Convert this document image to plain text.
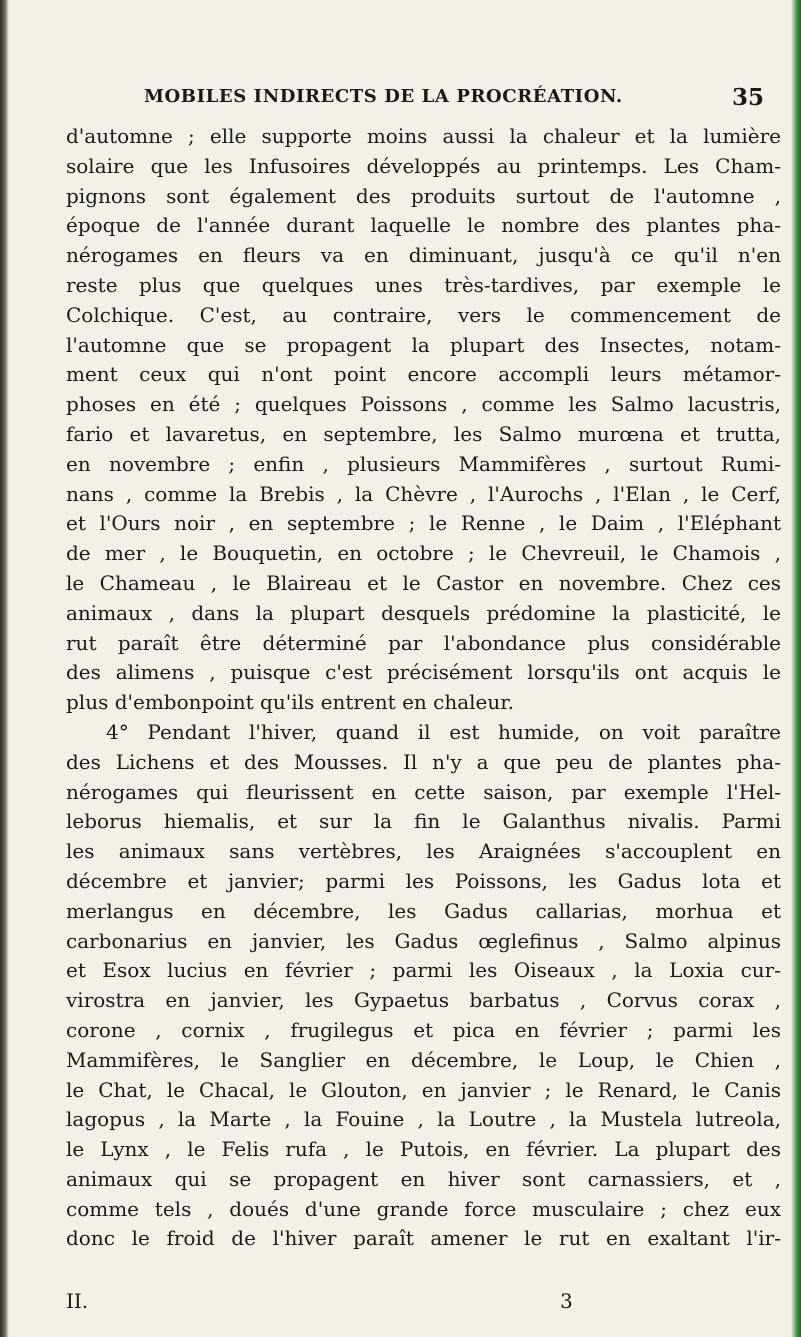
MOBILES INDIRECTS DE LA PROCRÉATION.	35
d'automne ; elle supporte moins aussi la chaleur et la lumière
solaire que les Infusoires développés au printemps. Les Cham-
pignons sont également des produits surtout de l'automne ,
époque de l'année durant laquelle le nombre des plantes pha-
nérogames en fleurs va en diminuant, jusqu'à ce qu'il n'en
reste plus que quelques unes très-tardives, par exemple le
Colchique. C'est, au contraire, vers le commencement de
l'automne que se propagent la plupart des Insectes, notam-
ment ceux qui n'ont point encore accompli leurs métamor-
phoses en été ; quelques Poissons , comme les Salmo lacustris,
fario et lavaretus, en septembre, les Salmo murœna et trutta,
en novembre ; enfin , plusieurs Mammifères , surtout Rumi-
nans , comme la Brebis , la Chèvre , l'Aurochs , l'Elan , le Cerf,
et l'Ours noir , en septembre ; le Renne , le Daim , l'Eléphant
de mer , le Bouquetin, en octobre ; le Chevreuil, le Chamois ,
le Chameau , le Blaireau et le Castor en novembre. Chez ces
animaux , dans la plupart desquels prédomine la plasticité, le
rut paraît être déterminé par l'abondance plus considérable
des alimens , puisque c'est précisément lorsqu'ils ont acquis le
plus d'embonpoint qu'ils entrent en chaleur.
4° Pendant l'hiver, quand il est humide, on voit paraître
des Lichens et des Mousses. Il n'y a que peu de plantes pha-
nérogames qui fleurissent en cette saison, par exemple l'Hel-
leborus hiemalis, et sur la fin le Galanthus nivalis. Parmi
les animaux sans vertèbres, les Araignées s'accouplent en
décembre et janvier; parmi les Poissons, les Gadus lota et
merlangus en décembre, les Gadus callarias, morhua et
carbonarius en janvier, les Gadus œglefinus , Salmo alpinus
et Esox lucius en février ; parmi les Oiseaux , la Loxia cur-
virostra en janvier, les Gypaetus barbatus , Corvus corax ,
corone , cornix , frugilegus et pica en février ; parmi les
Mammifères, le Sanglier en décembre, le Loup, le Chien ,
le Chat, le Chacal, le Glouton, en janvier ; le Renard, le Canis
lagopus , la Marte , la Fouine , la Loutre , la Mustela lutreola,
le Lynx , le Felis rufa , le Putois, en février. La plupart des
animaux qui se propagent en hiver sont carnassiers, et ,
comme tels , doués d'une grande force musculaire ; chez eux
donc le froid de l'hiver paraît amener le rut en exaltant l'ir-
II.	3
